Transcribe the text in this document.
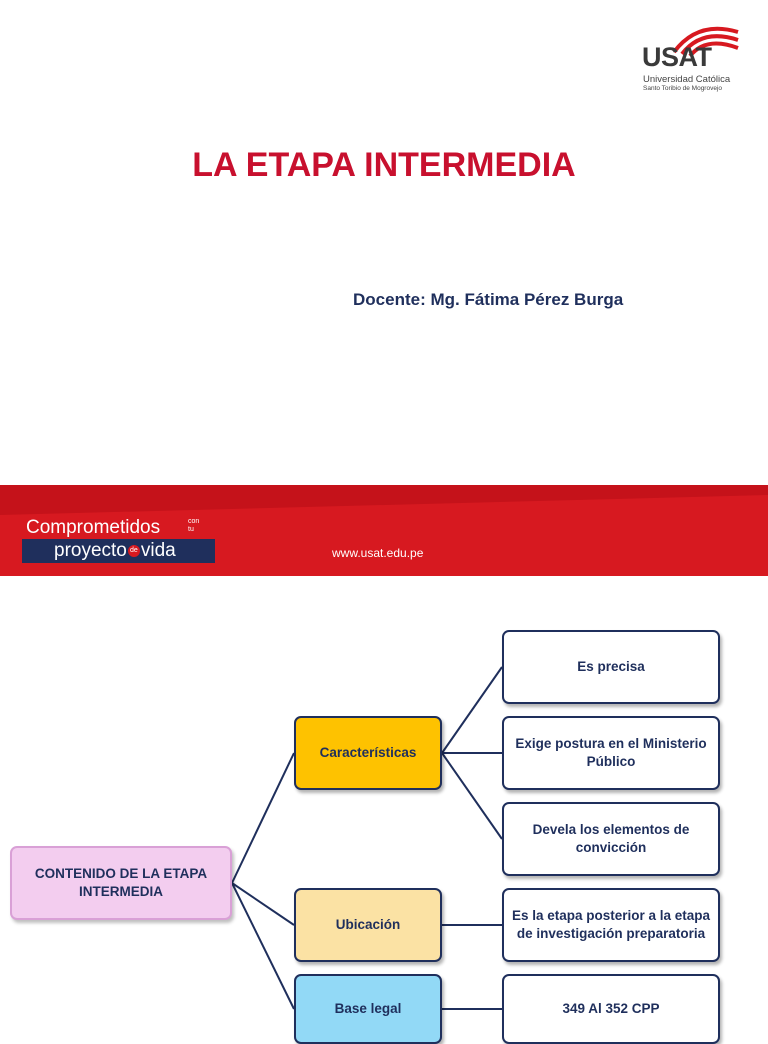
USAT
Universidad Católica
Santo Toribio de Mogrovejo
LA ETAPA INTERMEDIA
Docente: Mg. Fátima Pérez Burga
Comprometidos	con
tu
proyecto de vida	www.usat.edu.pe
CONTENIDO DE LA ETAPA INTERMEDIA
Características
Ubicación
Base legal
Es precisa
Exige postura en el Ministerio Público
Devela los elementos de convicción
Es la etapa posterior a la etapa de investigación preparatoria
349 Al 352 CPP
